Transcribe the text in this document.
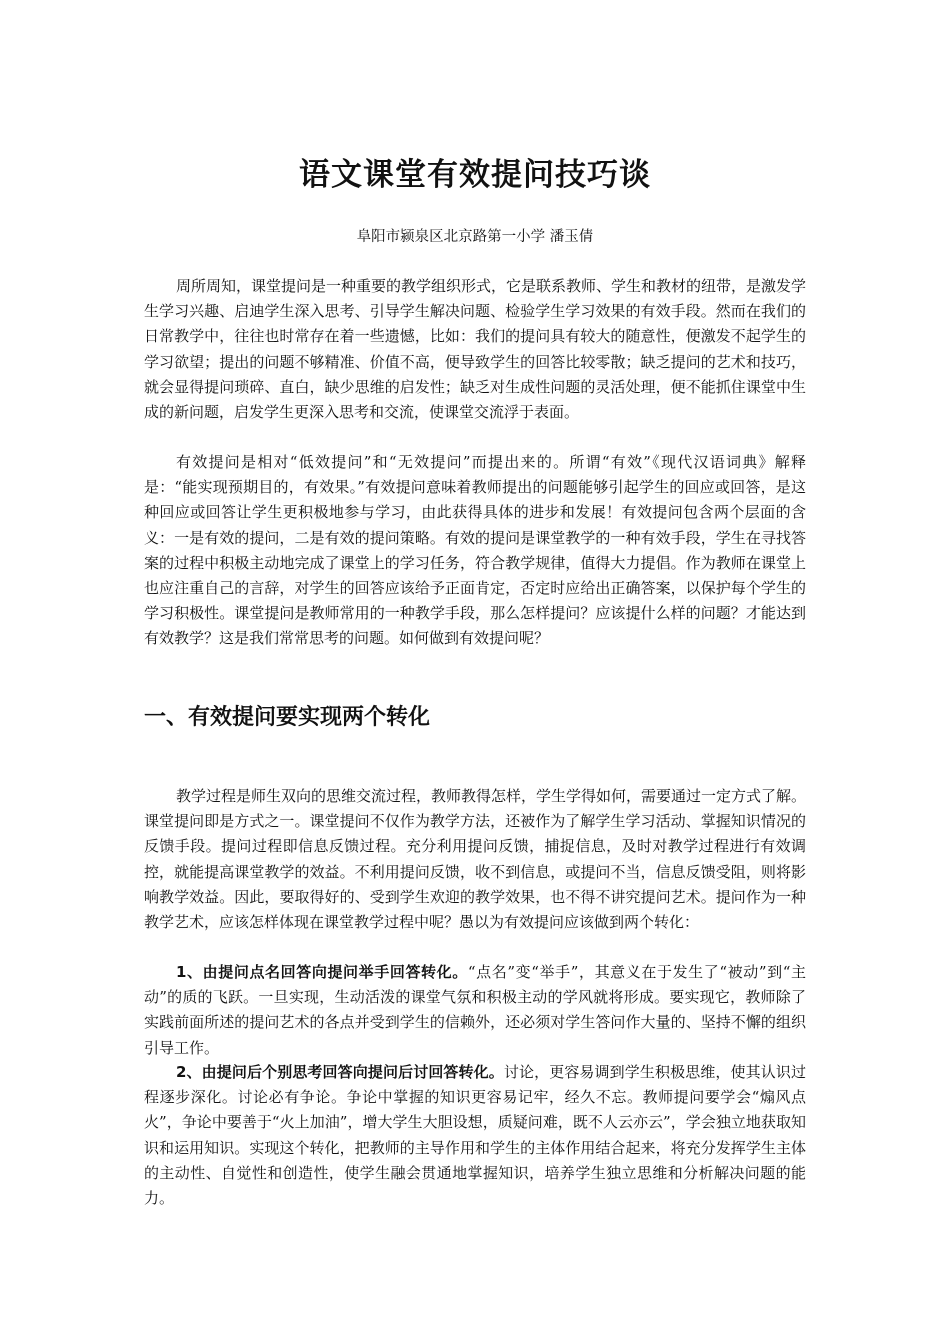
语文课堂有效提问技巧谈

阜阳市颍泉区北京路第一小学 潘玉倩

周所周知，课堂提问是一种重要的教学组织形式，它是联系教师、学生和教材的纽带，是激发学生学习兴趣、启迪学生深入思考、引导学生解决问题、检验学生学习效果的有效手段。然而在我们的日常教学中，往往也时常存在着一些遗憾，比如：我们的提问具有较大的随意性，便激发不起学生的学习欲望；提出的问题不够精准、价值不高，便导致学生的回答比较零散；缺乏提问的艺术和技巧，就会显得提问琐碎、直白，缺少思维的启发性；缺乏对生成性问题的灵活处理，便不能抓住课堂中生成的新问题，启发学生更深入思考和交流，使课堂交流浮于表面。

有效提问是相对“低效提问”和“无效提问”而提出来的。所谓“有效”《现代汉语词典》解释是：“能实现预期目的，有效果。”有效提问意味着教师提出的问题能够引起学生的回应或回答，是这种回应或回答让学生更积极地参与学习，由此获得具体的进步和发展！有效提问包含两个层面的含义：一是有效的提问，二是有效的提问策略。有效的提问是课堂教学的一种有效手段，学生在寻找答案的过程中积极主动地完成了课堂上的学习任务，符合教学规律，值得大力提倡。作为教师在课堂上也应注重自己的言辞，对学生的回答应该给予正面肯定，否定时应给出正确答案，以保护每个学生的学习积极性。课堂提问是教师常用的一种教学手段，那么怎样提问？应该提什么样的问题？才能达到有效教学？这是我们常常思考的问题。如何做到有效提问呢？

一、有效提问要实现两个转化

教学过程是师生双向的思维交流过程，教师教得怎样，学生学得如何，需要通过一定方式了解。课堂提问即是方式之一。课堂提问不仅作为教学方法，还被作为了解学生学习活动、掌握知识情况的反馈手段。提问过程即信息反馈过程。充分利用提问反馈，捕捉信息，及时对教学过程进行有效调控，就能提高课堂教学的效益。不利用提问反馈，收不到信息，或提问不当，信息反馈受阻，则将影响教学效益。因此，要取得好的、受到学生欢迎的教学效果，也不得不讲究提问艺术。提问作为一种教学艺术，应该怎样体现在课堂教学过程中呢？愚以为有效提问应该做到两个转化：

1、由提问点名回答向提问举手回答转化。“点名”变“举手”，其意义在于发生了“被动”到“主动”的质的飞跃。一旦实现，生动活泼的课堂气氛和积极主动的学风就将形成。要实现它，教师除了实践前面所述的提问艺术的各点并受到学生的信赖外，还必须对学生答问作大量的、坚持不懈的组织引导工作。

2、由提问后个别思考回答向提问后讨回答转化。讨论，更容易调到学生积极思维，使其认识过程逐步深化。讨论必有争论。争论中掌握的知识更容易记牢，经久不忘。教师提问要学会“煽风点火”，争论中要善于“火上加油”，增大学生大胆设想，质疑问难，既不人云亦云”，学会独立地获取知识和运用知识。实现这个转化，把教师的主导作用和学生的主体作用结合起来，将充分发挥学生主体的主动性、自觉性和创造性，使学生融会贯通地掌握知识，培养学生独立思维和分析解决问题的能力。
